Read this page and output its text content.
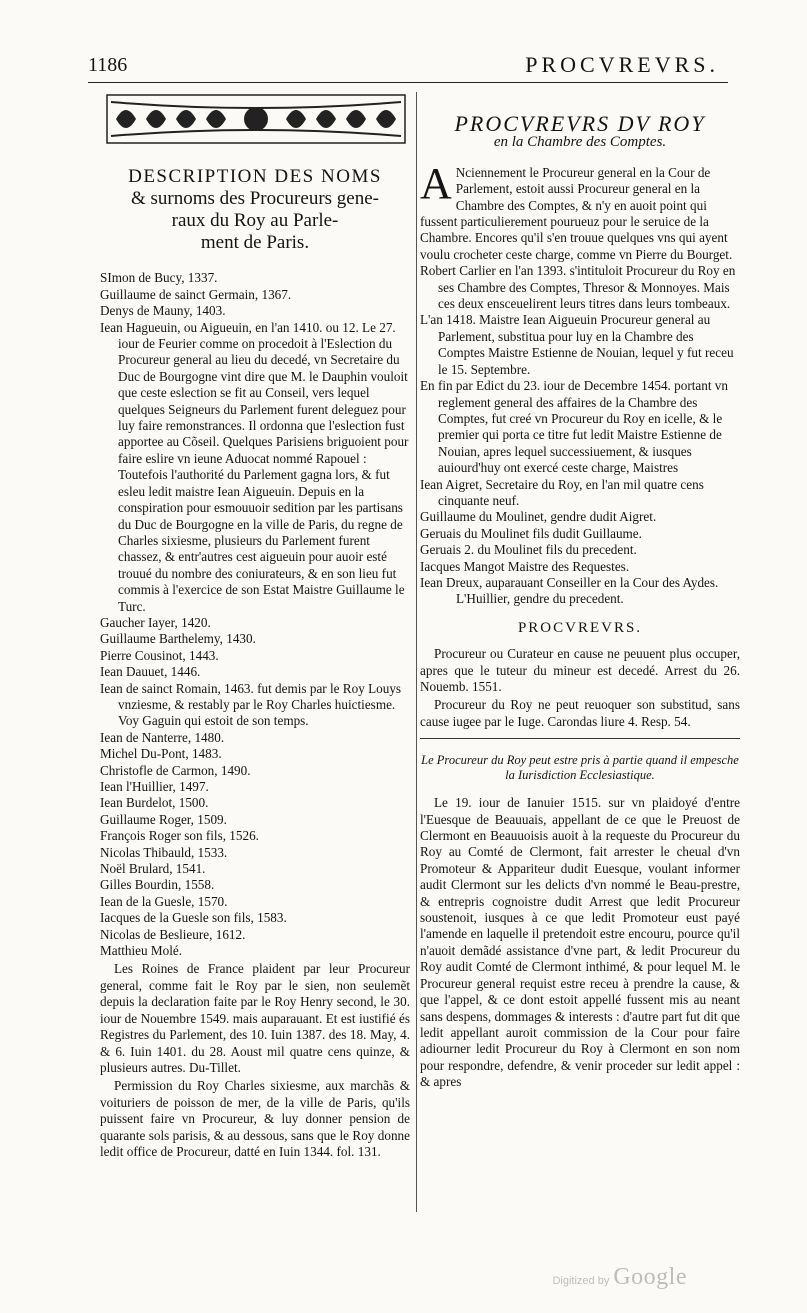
1186	PROCVREVRS.
DESCRIPTION DES NOMS
& surnoms des Procureurs gene-
raux du Roy au Parle-
ment de Paris.
SImon de Bucy, 1337.
Guillaume de sainct Germain, 1367.
Denys de Mauny, 1403.
Iean Hagueuin, ou Aigueuin, en l'an 1410. ou 12. Le 27. iour de Feurier comme on procedoit à l'Eslection du Procureur general au lieu du decedé, vn Secretaire du Duc de Bourgogne vint dire que M. le Dauphin vouloit que ceste eslection se fit au Conseil, vers lequel quelques Seigneurs du Parlement furent deleguez pour luy faire remonstrances. Il ordonna que l'eslection fust apportee au Cõseil. Quelques Parisiens briguoient pour faire eslire vn ieune Aduocat nommé Rapouel : Toutefois l'authorité du Parlement gagna lors, & fut esleu ledit maistre Iean Aigueuin. Depuis en la conspiration pour esmouuoir sedition par les partisans du Duc de Bourgogne en la ville de Paris, du regne de Charles sixiesme, plusieurs du Parlement furent chassez, & entr'autres cest aigueuin pour auoir esté trouué du nombre des coniurateurs, & en son lieu fut commis à l'exercice de son Estat Maistre Guillaume le Turc.
Gaucher Iayer, 1420.
Guillaume Barthelemy, 1430.
Pierre Cousinot, 1443.
Iean Dauuet, 1446.
Iean de sainct Romain, 1463. fut demis par le Roy Louys vnziesme, & restably par le Roy Charles huictiesme. Voy Gaguin qui estoit de son temps.
Iean de Nanterre, 1480.
Michel Du-Pont, 1483.
Christofle de Carmon, 1490.
Iean l'Huillier, 1497.
Iean Burdelot, 1500.
Guillaume Roger, 1509.
François Roger son fils, 1526.
Nicolas Thibauld, 1533.
Noël Brulard, 1541.
Gilles Bourdin, 1558.
Iean de la Guesle, 1570.
Iacques de la Guesle son fils, 1583.
Nicolas de Beslieure, 1612.
Matthieu Molé.

Les Roines de France plaident par leur Procureur general, comme fait le Roy par le sien, non seulemẽt depuis la declaration faite par le Roy Henry second, le 30. iour de Nouembre 1549. mais auparauant. Et est iustifié és Registres du Parlement, des 10. Iuin 1387. des 18. May, 4. & 6. Iuin 1401. du 28. Aoust mil quatre cens quinze, & plusieurs autres. Du-Tillet.

Permission du Roy Charles sixiesme, aux marchãs & voituriers de poisson de mer, de la ville de Paris, qu'ils puissent faire vn Procureur, & luy donner pension de quarante sols parisis, & au dessous, sans que le Roy donne ledit office de Procureur, datté en Iuin 1344. fol. 131.

PROCVREVRS DV ROY
en la Chambre des Comptes.
A Nciennement le Procureur general en la Cour de Parlement, estoit aussi Procureur general en la Chambre des Comptes, & n'y en auoit point qui fussent particulierement pourueuz pour le seruice de la Chambre. Encores qu'il s'en trouue quelques vns qui ayent voulu crocheter ceste charge, comme vn Pierre du Bourget.
Robert Carlier en l'an 1393. s'intituloit Procureur du Roy en ses Chambre des Comptes, Thresor & Monnoyes. Mais ces deux ensceuelirent leurs titres dans leurs tombeaux.
L'an 1418. Maistre Iean Aigueuin Procureur general au Parlement, substitua pour luy en la Chambre des Comptes Maistre Estienne de Nouian, lequel y fut receu le 15. Septembre.
En fin par Edict du 23. iour de Decembre 1454. portant vn reglement general des affaires de la Chambre des Comptes, fut creé vn Procureur du Roy en icelle, & le premier qui porta ce titre fut ledit Maistre Estienne de Nouian, apres lequel successiuement, & iusques auiourd'huy ont exercé ceste charge, Maistres
Iean Aigret, Secretaire du Roy, en l'an mil quatre cens cinquante neuf.
Guillaume du Moulinet, gendre dudit Aigret.
Geruais du Moulinet fils dudit Guillaume.
Geruais 2. du Moulinet fils du precedent.
Iacques Mangot Maistre des Requestes.
Iean Dreux, auparauant Conseiller en la Cour des Aydes.
L'Huillier, gendre du precedent.
PROCVREVRS.

Procureur ou Curateur en cause ne peuuent plus occuper, apres que le tuteur du mineur est decedé. Arrest du 26. Nouemb. 1551.

Procureur du Roy ne peut reuoquer son substitud, sans cause iugee par le Iuge. Carondas liure 4. Resp. 54.

Le Procureur du Roy peut estre pris à partie quand il empesche la Iurisdiction Ecclesiastique.

Le 19. iour de Ianuier 1515. sur vn plaidoyé d'entre l'Euesque de Beauuais, appellant de ce que le Preuost de Clermont en Beauuoisis auoit à la requeste du Procureur du Roy au Comté de Clermont, fait arrester le cheual d'vn Promoteur & Appariteur dudit Euesque, voulant informer audit Clermont sur les delicts d'vn nommé le Beau-prestre, & entrepris cognoistre dudit Arrest que ledit Procureur soustenoit, iusques à ce que ledit Promoteur eust payé l'amende en laquelle il pretendoit estre encouru, pource qu'il n'auoit demãdé assistance d'vne part, & ledit Procureur du Roy audit Comté de Clermont inthimé, & pour lequel M. le Procureur general requist estre receu à prendre la cause, & que l'appel, & ce dont estoit appellé fussent mis au neant sans despens, dommages & interests : d'autre part fut dit que ledit appellant auroit commission de la Cour pour faire adiourner ledit Procureur du Roy à Clermont en son nom pour respondre, defendre, & venir proceder sur ledit appel : & apres

Digitized by Google
